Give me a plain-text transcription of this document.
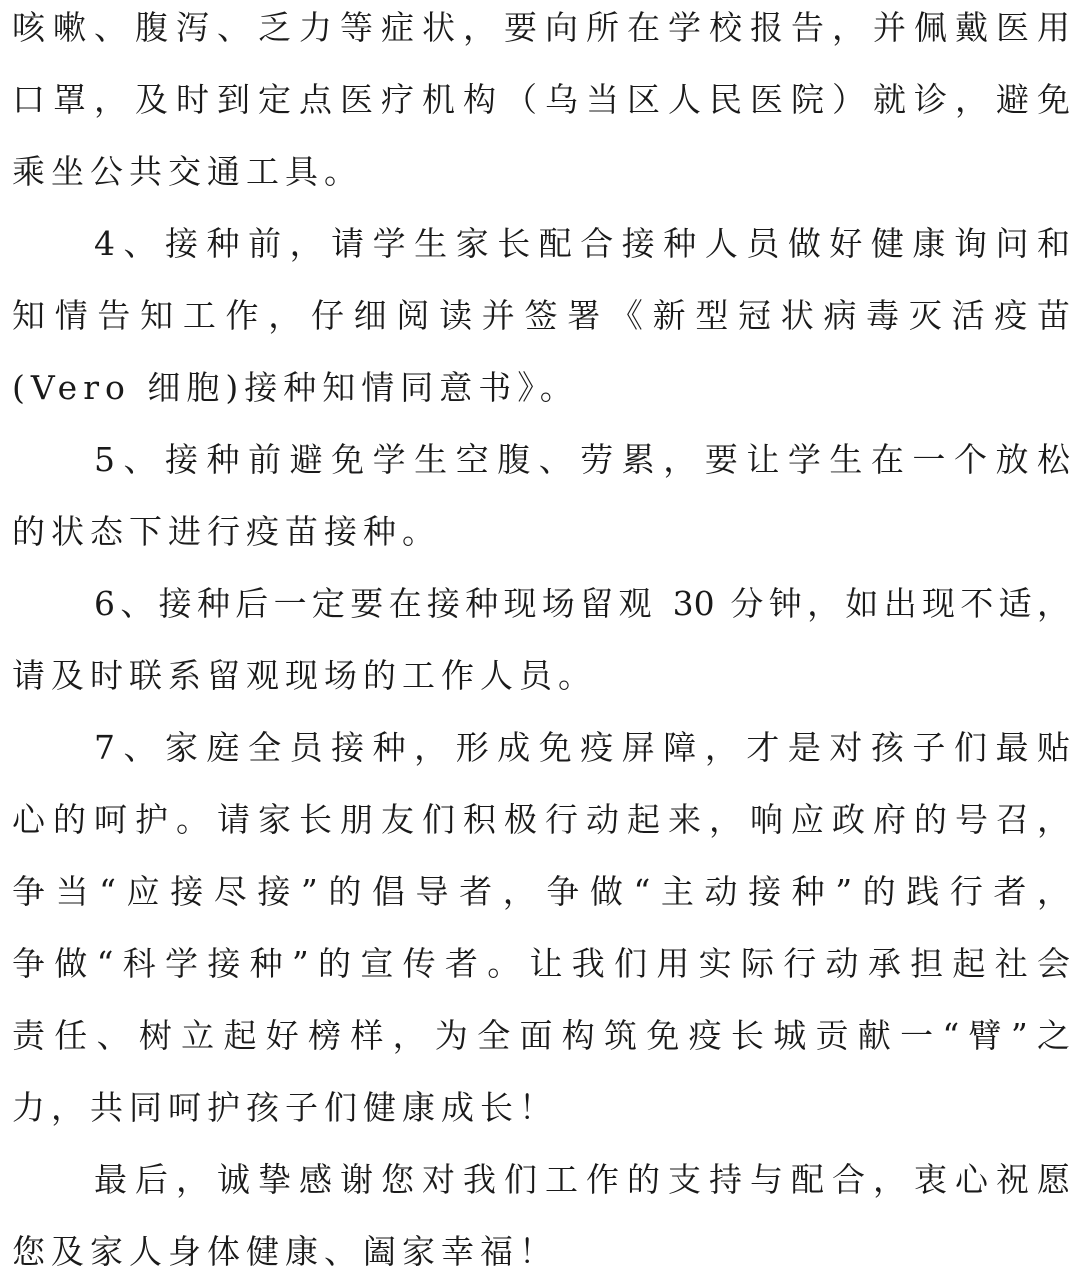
咳嗽、腹泻、乏力等症状，要向所在学校报告，并佩戴医用
口罩，及时到定点医疗机构（乌当区人民医院）就诊，避免
乘坐公共交通工具。
4、接种前，请学生家长配合接种人员做好健康询问和
知情告知工作，仔细阅读并签署《新型冠状病毒灭活疫苗
(Vero 细胞)接种知情同意书》。
5、接种前避免学生空腹、劳累，要让学生在一个放松
的状态下进行疫苗接种。
6、接种后一定要在接种现场留观 30 分钟，如出现不适，
请及时联系留观现场的工作人员。
7、家庭全员接种，形成免疫屏障，才是对孩子们最贴
心的呵护。请家长朋友们积极行动起来，响应政府的号召，
争当“应接尽接”的倡导者，争做“主动接种”的践行者，
争做“科学接种”的宣传者。让我们用实际行动承担起社会
责任、树立起好榜样，为全面构筑免疫长城贡献一“臂”之
力，共同呵护孩子们健康成长！
最后，诚挚感谢您对我们工作的支持与配合，衷心祝愿
您及家人身体健康、阖家幸福！
